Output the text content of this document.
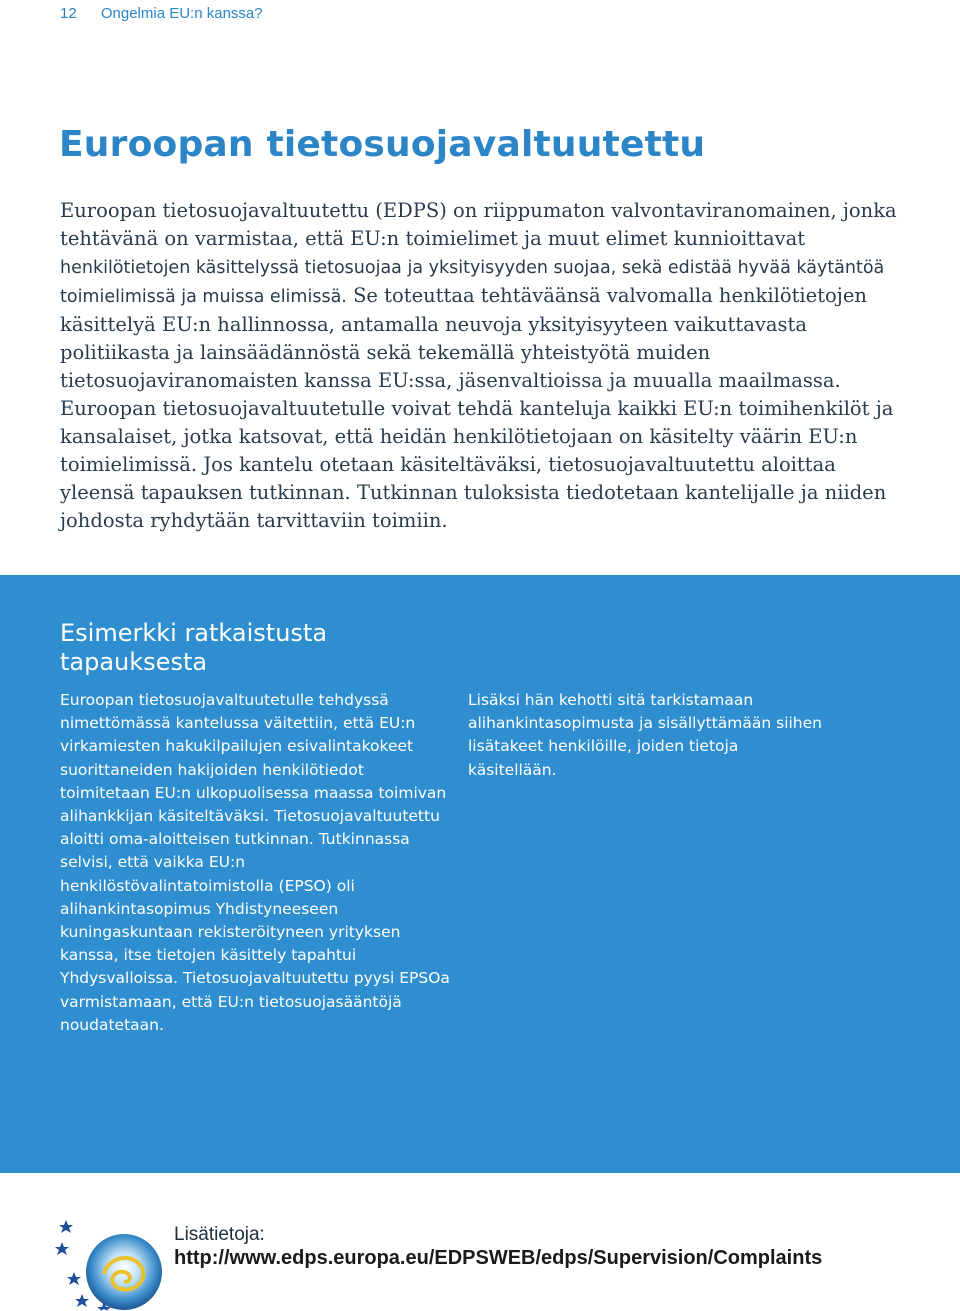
12 Ongelmia EU:n kanssa?
Euroopan tietosuojavaltuutettu

Euroopan tietosuojavaltuutettu (EDPS) on riippumaton valvontaviranomainen, jonka tehtävänä on varmistaa, että EU:n toimielimet ja muut elimet kunnioittavat henkilötietojen käsittelyssä tietosuojaa ja yksityisyyden suojaa, sekä edistää hyvää käytäntöä toimielimissä ja muissa elimissä. Se toteuttaa tehtäväänsä valvomalla henkilötietojen käsittelyä EU:n hallinnossa, antamalla neuvoja yksityisyyteen vaikuttavasta politiikasta ja lainsäädännöstä sekä tekemällä yhteistyötä muiden tietosuojaviranomaisten kanssa EU:ssa, jäsenvaltioissa ja muualla maailmassa. Euroopan tietosuojavaltuutetulle voivat tehdä kanteluja kaikki EU:n toimihenkilöt ja kansalaiset, jotka katsovat, että heidän henkilötietojaan on käsitelty väärin EU:n toimielimissä. Jos kantelu otetaan käsiteltäväksi, tietosuojavaltuutettu aloittaa yleensä tapauksen tutkinnan. Tutkinnan tuloksista tiedotetaan kantelijalle ja niiden johdosta ryhdytään tarvittaviin toimiin.

Esimerkki ratkaistusta
tapauksesta

Euroopan tietosuojavaltuutetulle tehdyssä nimettömässä kantelussa väitettiin, että EU:n virkamiesten hakukilpailujen esivalintakokeet suorittaneiden hakijoiden henkilötiedot toimitetaan EU:n ulkopuolisessa maassa toimivan alihankkijan käsiteltäväksi. Tietosuojavaltuutettu aloitti oma-aloitteisen tutkinnan. Tutkinnassa selvisi, että vaikka EU:n henkilöstövalintatoimistolla (EPSO) oli alihankintasopimus Yhdistyneeseen kuningaskuntaan rekisteröityneen yrityksen kanssa, itse tietojen käsittely tapahtui Yhdysvalloissa. Tietosuojavaltuutettu pyysi EPSOa varmistamaan, että EU:n tietosuojasääntöjä noudatetaan.

Lisäksi hän kehotti sitä tarkistamaan alihankintasopimusta ja sisällyttämään siihen lisätakeet henkilöille, joiden tietoja käsitellään.

Lisätietoja:
http://www.edps.europa.eu/EDPSWEB/edps/Supervision/Complaints
